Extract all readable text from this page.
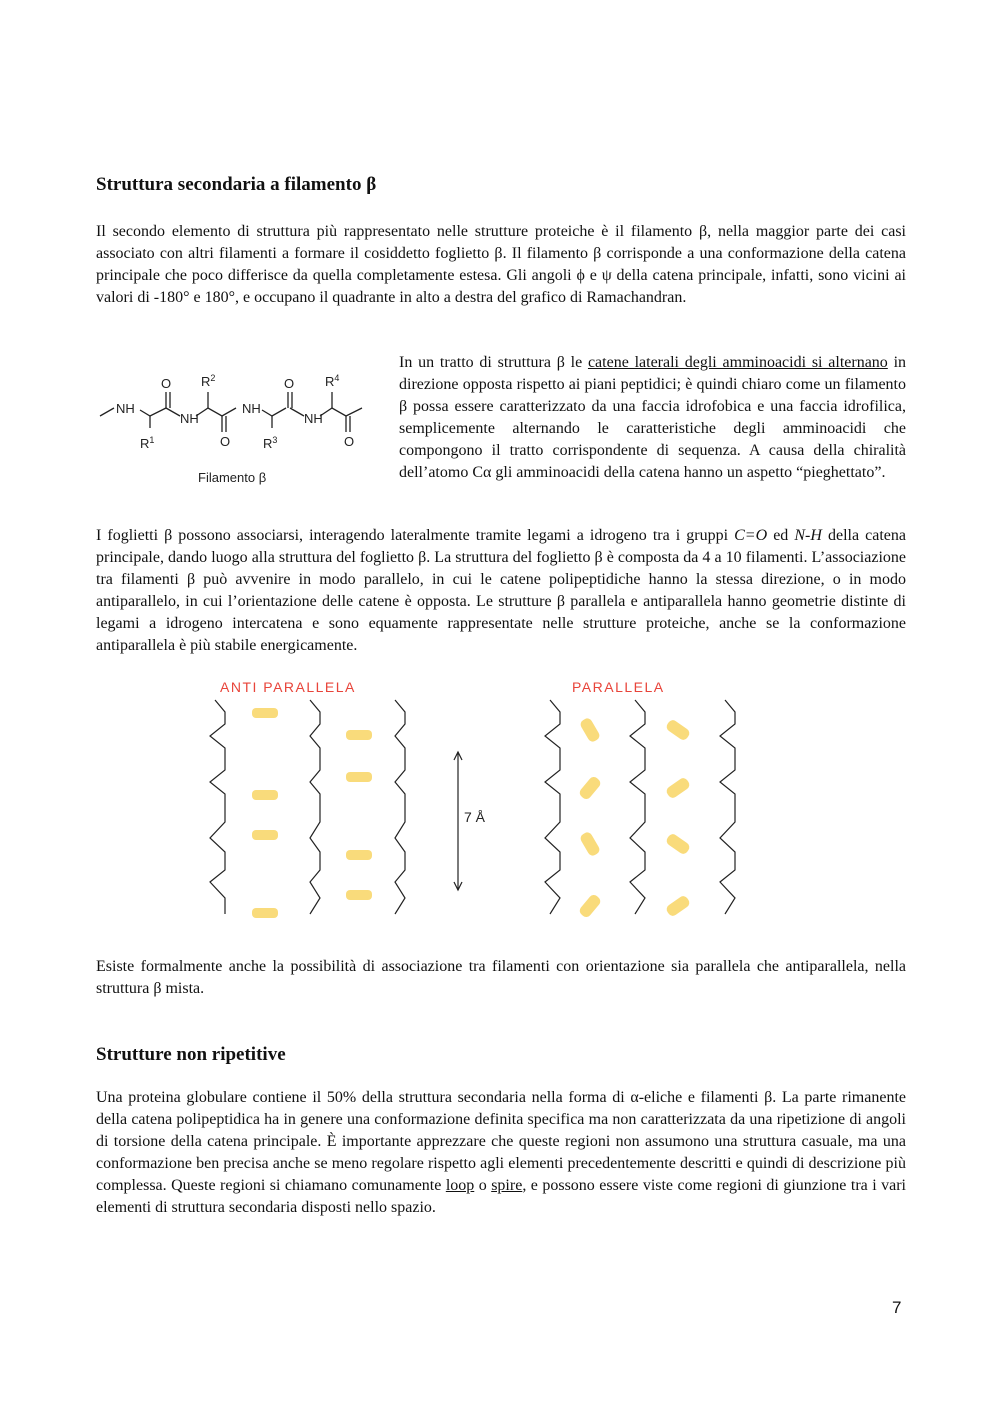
Struttura secondaria a filamento β

Il secondo elemento di struttura più rappresentato nelle strutture proteiche è il filamento β, nella maggior parte dei casi associato con altri filamenti a formare il cosiddetto foglietto β. Il filamento β corrisponde a una conformazione della catena principale che poco differisce da quella completamente estesa. Gli angoli ϕ e ψ della catena principale, infatti, sono vicini ai valori di -180° e 180°, e occupano il quadrante in alto a destra del grafico di Ramachandran.

NH
NH
NH
NH
O
O
O
O
$R^1$
$R^2$
$R^3$
$R^4$
Filamento β

In un tratto di struttura β le catene laterali degli amminoacidi si alternano in direzione opposta rispetto ai piani peptidici; è quindi chiaro come un filamento β possa essere caratterizzato da una faccia idrofobica e una faccia idrofilica, semplicemente alternando le caratteristiche degli amminoacidi che compongono il tratto corrispondente di sequenza. A causa della chiralità dell’atomo Cα gli amminoacidi della catena hanno un aspetto “pieghettato”.

I foglietti β possono associarsi, interagendo lateralmente tramite legami a idrogeno tra i gruppi C=O ed N-H della catena principale, dando luogo alla struttura del foglietto β. La struttura del foglietto β è composta da 4 a 10 filamenti. L’associazione tra filamenti β può avvenire in modo parallelo, in cui le catene polipeptidiche hanno la stessa direzione, o in modo antiparallelo, in cui l’orientazione delle catene è opposta. Le strutture β parallela e antiparallela hanno geometrie distinte di legami a idrogeno intercatena e sono equamente rappresentate nelle strutture proteiche, anche se la conformazione antiparallela è più stabile energicamente.

ANTI PARALLELA	PARALLELA
7 Å

Esiste formalmente anche la possibilità di associazione tra filamenti con orientazione sia parallela che antiparallela, nella struttura β mista.

Strutture non ripetitive

Una proteina globulare contiene il 50% della struttura secondaria nella forma di α-eliche e filamenti β. La parte rimanente della catena polipeptidica ha in genere una conformazione definita specifica ma non caratterizzata da una ripetizione di angoli di torsione della catena principale. È importante apprezzare che queste regioni non assumono una struttura casuale, ma una conformazione ben precisa anche se meno regolare rispetto agli elementi precedentemente descritti e quindi di descrizione più complessa. Queste regioni si chiamano comunamente loop o spire, e possono essere viste come regioni di giunzione tra i vari elementi di struttura secondaria disposti nello spazio.

7
